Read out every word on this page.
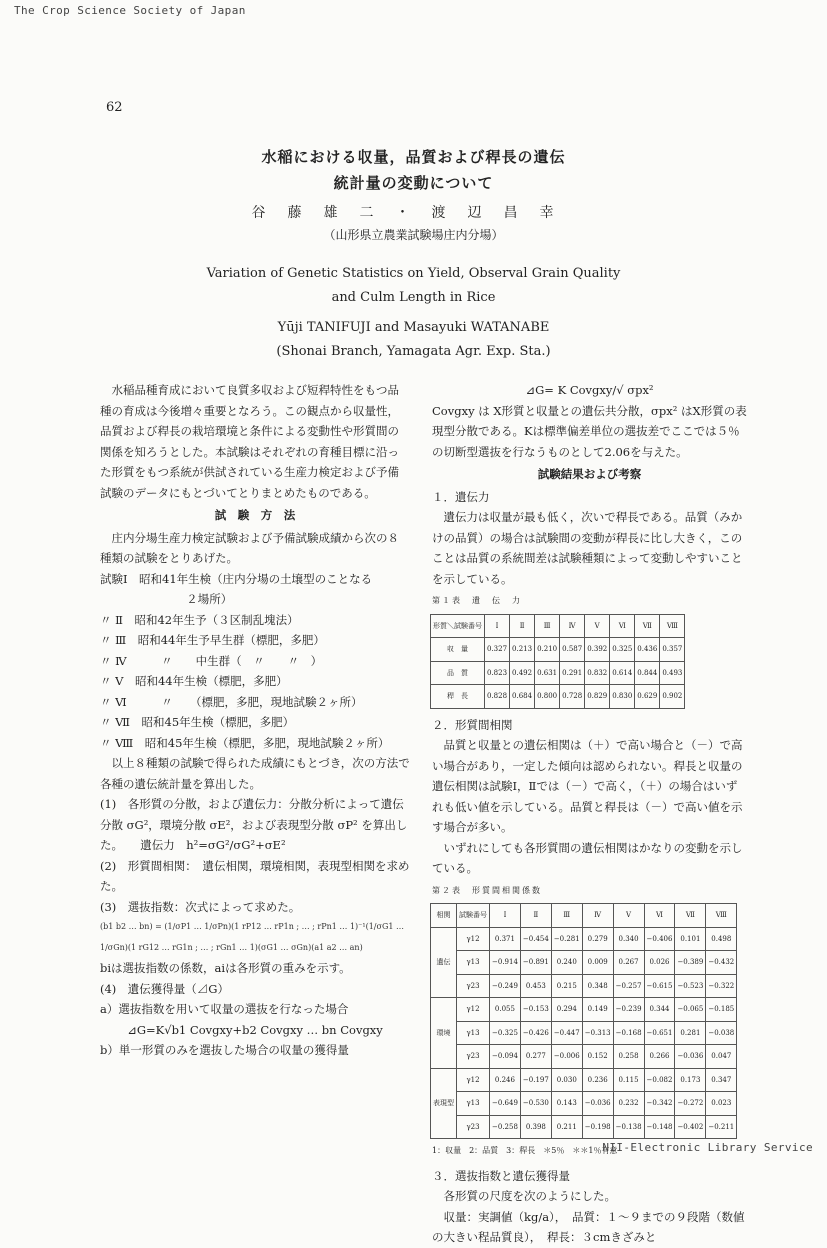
The Crop Science Society of Japan
62
水稲における収量，品質および稈長の遺伝
統計量の変動について
谷藤雄二・渡辺昌幸
（山形県立農業試験場庄内分場）
Variation of Genetic Statistics on Yield, Observal Grain Quality
and Culm Length in Rice
Yūji TANIFUJI and Masayuki WATANABE
(Shonai Branch, Yamagata Agr. Exp. Sta.)

水稲品種育成において良質多収および短稈特性をもつ品種の育成は今後増々重要となろう。この観点から収量性，品質および稈長の栽培環境と条件による変動性や形質間の関係を知ろうとした。本試験はそれぞれの育種目標に沿った形質をもつ系統が供試されている生産力検定および予備試験のデータにもとづいてとりまとめたものである。

試　験　方　法

庄内分場生産力検定試験および予備試験成績から次の８種類の試験をとりあげた。

試験Ⅰ　昭和41年生検（庄内分場の土壌型のことなる
２場所）
〃 Ⅱ　昭和42年生予（３区制乱塊法）
〃 Ⅲ　昭和44年生予早生群（標肥，多肥）
〃 Ⅳ　　　〃　　中生群（　〃　　〃　）
〃 Ⅴ　昭和44年生検（標肥，多肥）
〃 Ⅵ　　　〃　　（標肥，多肥，現地試験２ヶ所）
〃 Ⅶ　昭和45年生検（標肥，多肥）
〃 Ⅷ　昭和45年生検（標肥，多肥，現地試験２ヶ所）

以上８種類の試験で得られた成績にもとづき，次の方法で各種の遺伝統計量を算出した。

(1)　各形質の分散，および遺伝力：分散分析によって遺伝分散 σG²，環境分散 σE²，および表現型分散 σP² を算出した。　　遺伝力　h²=σG²/σG²+σE²

(2)　形質間相関：　遺伝相関，環境相関，表現型相関を求めた。

(3)　選抜指数：次式によって求めた。

(b1 b2 … bn) = (1/σP1 … 1/σPn)(1 rP12 … rP1n ; … ; rPn1 … 1)⁻¹(1/σG1 … 1/σGn)(1 rG12 … rG1n ; … ; rGn1 … 1)(σG1 … σGn)(a1 a2 … an)

biは選抜指数の係数，aiは各形質の重みを示す。

(4)　遺伝獲得量（⊿G）

a）選抜指数を用いて収量の選抜を行なった場合

⊿G=K√b1 Covgxy+b2 Covgxy … bn Covgxy

b）単一形質のみを選抜した場合の収量の獲得量

⊿G= K Covgxy/√ σpx²

Covgxy は X形質と収量との遺伝共分散，σpx² はX形質の表現型分散である。Kは標準偏差単位の選抜差でここでは５％の切断型選抜を行なうものとして2.06を与えた。

試験結果および考察

１．遺伝力

遺伝力は収量が最も低く，次いで稈長である。品質（みかけの品質）の場合は試験間の変動が稈長に比し大きく，このことは品質の系統間差は試験種類によって変動しやすいことを示している。

第１表　遺　伝　力
形質＼試験番号	Ⅰ	Ⅱ	Ⅲ	Ⅳ	Ⅴ	Ⅵ	Ⅶ	Ⅷ
収　量	0.327	0.213	0.210	0.587	0.392	0.325	0.436	0.357
品　質	0.823	0.492	0.631	0.291	0.832	0.614	0.844	0.493
稈　長	0.828	0.684	0.800	0.728	0.829	0.830	0.629	0.902

２．形質間相関

品質と収量との遺伝相関は（＋）で高い場合と（－）で高い場合があり，一定した傾向は認められない。稈長と収量の遺伝相関は試験Ⅰ，Ⅱでは（－）で高く，（＋）の場合はいずれも低い値を示している。品質と稈長は（－）で高い値を示す場合が多い。

いずれにしても各形質間の遺伝相関はかなりの変動を示している。

第２表　形質間相関係数
相関	試験番号	Ⅰ	Ⅱ	Ⅲ	Ⅳ	Ⅴ	Ⅵ	Ⅶ	Ⅷ
遺伝	γ12	0.371	−0.454	−0.281	0.279	0.340	−0.406	0.101	0.498
	γ13	−0.914	−0.891	0.240	0.009	0.267	0.026	−0.389	−0.432
	γ23	−0.249	0.453	0.215	0.348	−0.257	−0.615	−0.523	−0.322
環境	γ12	0.055	−0.153	0.294	0.149	−0.239	0.344	−0.065	−0.185
	γ13	−0.325	−0.426	−0.447	−0.313	−0.168	−0.651	0.281	−0.038
	γ23	−0.094	0.277	−0.006	0.152	0.258	0.266	−0.036	0.047
表現型	γ12	0.246	−0.197	0.030	0.236	0.115	−0.082	0.173	0.347
	γ13	−0.649	−0.530	0.143	−0.036	0.232	−0.342	−0.272	0.023
	γ23	−0.258	0.398	0.211	−0.198	−0.138	−0.148	−0.402	−0.211
1：収量　2：品質　3：稈長　＊5％　＊＊1％有意

３．選抜指数と遺伝獲得量

各形質の尺度を次のようにした。

収量：実調値（kg/a），　品質：１～９までの９段階（数値の大きい程品質良），　稈長：３cmきざみと

NII-Electronic Library Service
